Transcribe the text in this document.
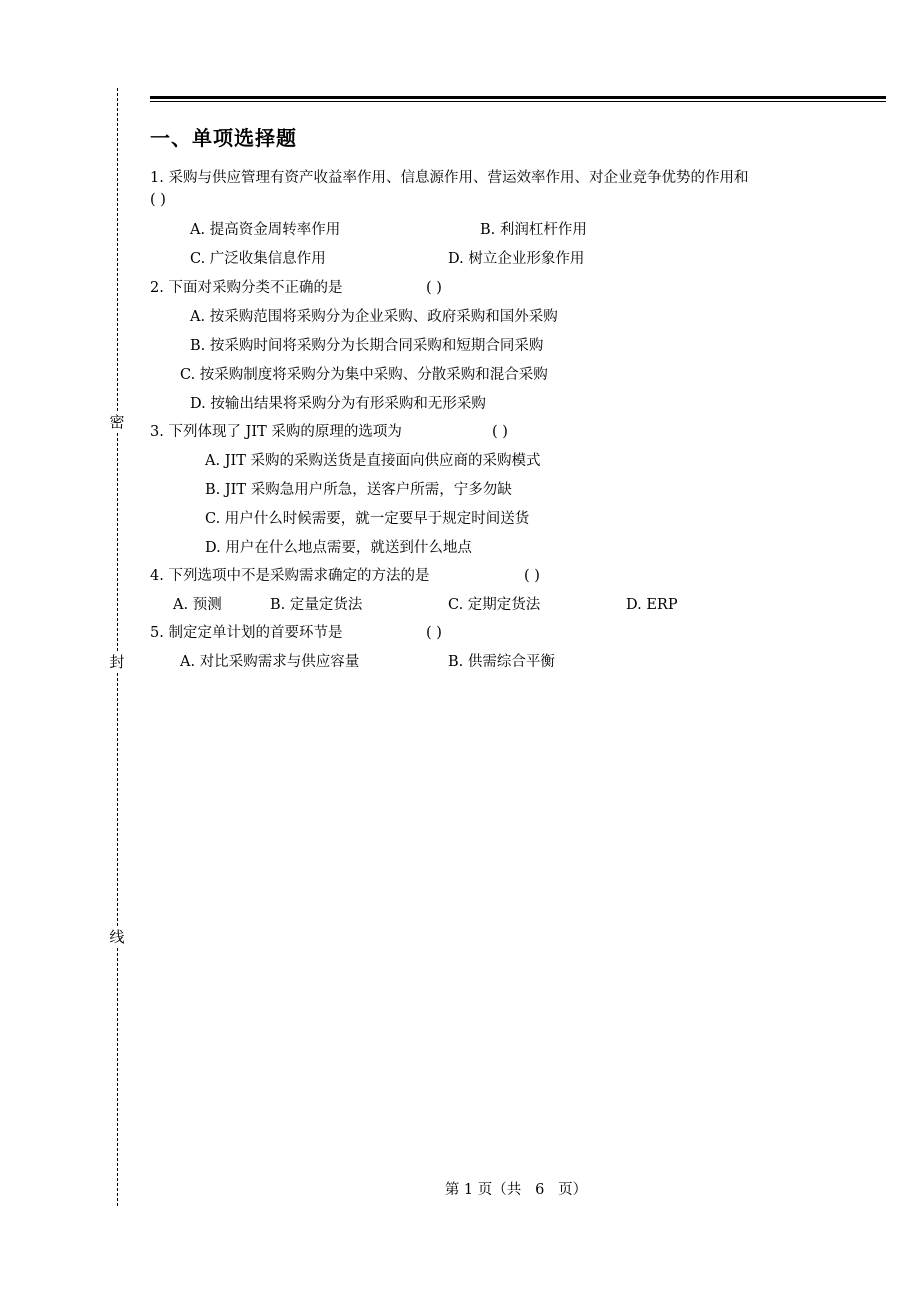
密
封
线
一、单项选择题
1. 采购与供应管理有资产收益率作用、信息源作用、营运效率作用、对企业竞争优势的作用和
( )
A. 提高资金周转率作用	B. 利润杠杆作用
C. 广泛收集信息作用	D. 树立企业形象作用
2. 下面对采购分类不正确的是	( )
A. 按采购范围将采购分为企业采购、政府采购和国外采购
B. 按采购时间将采购分为长期合同采购和短期合同采购
C. 按采购制度将采购分为集中采购、分散采购和混合采购
D. 按输出结果将采购分为有形采购和无形采购
3. 下列体现了 JIT 采购的原理的选项为	( )
A. JIT 采购的采购送货是直接面向供应商的采购模式
B. JIT 采购急用户所急，送客户所需，宁多勿缺
C. 用户什么时候需要，就一定要早于规定时间送货
D. 用户在什么地点需要，就送到什么地点
4. 下列选项中不是采购需求确定的方法的是	( )
A. 预测	B. 定量定货法	C. 定期定货法	D. ERP
5. 制定定单计划的首要环节是	( )
A. 对比采购需求与供应容量	B. 供需综合平衡
第 1 页（共   6   页）
